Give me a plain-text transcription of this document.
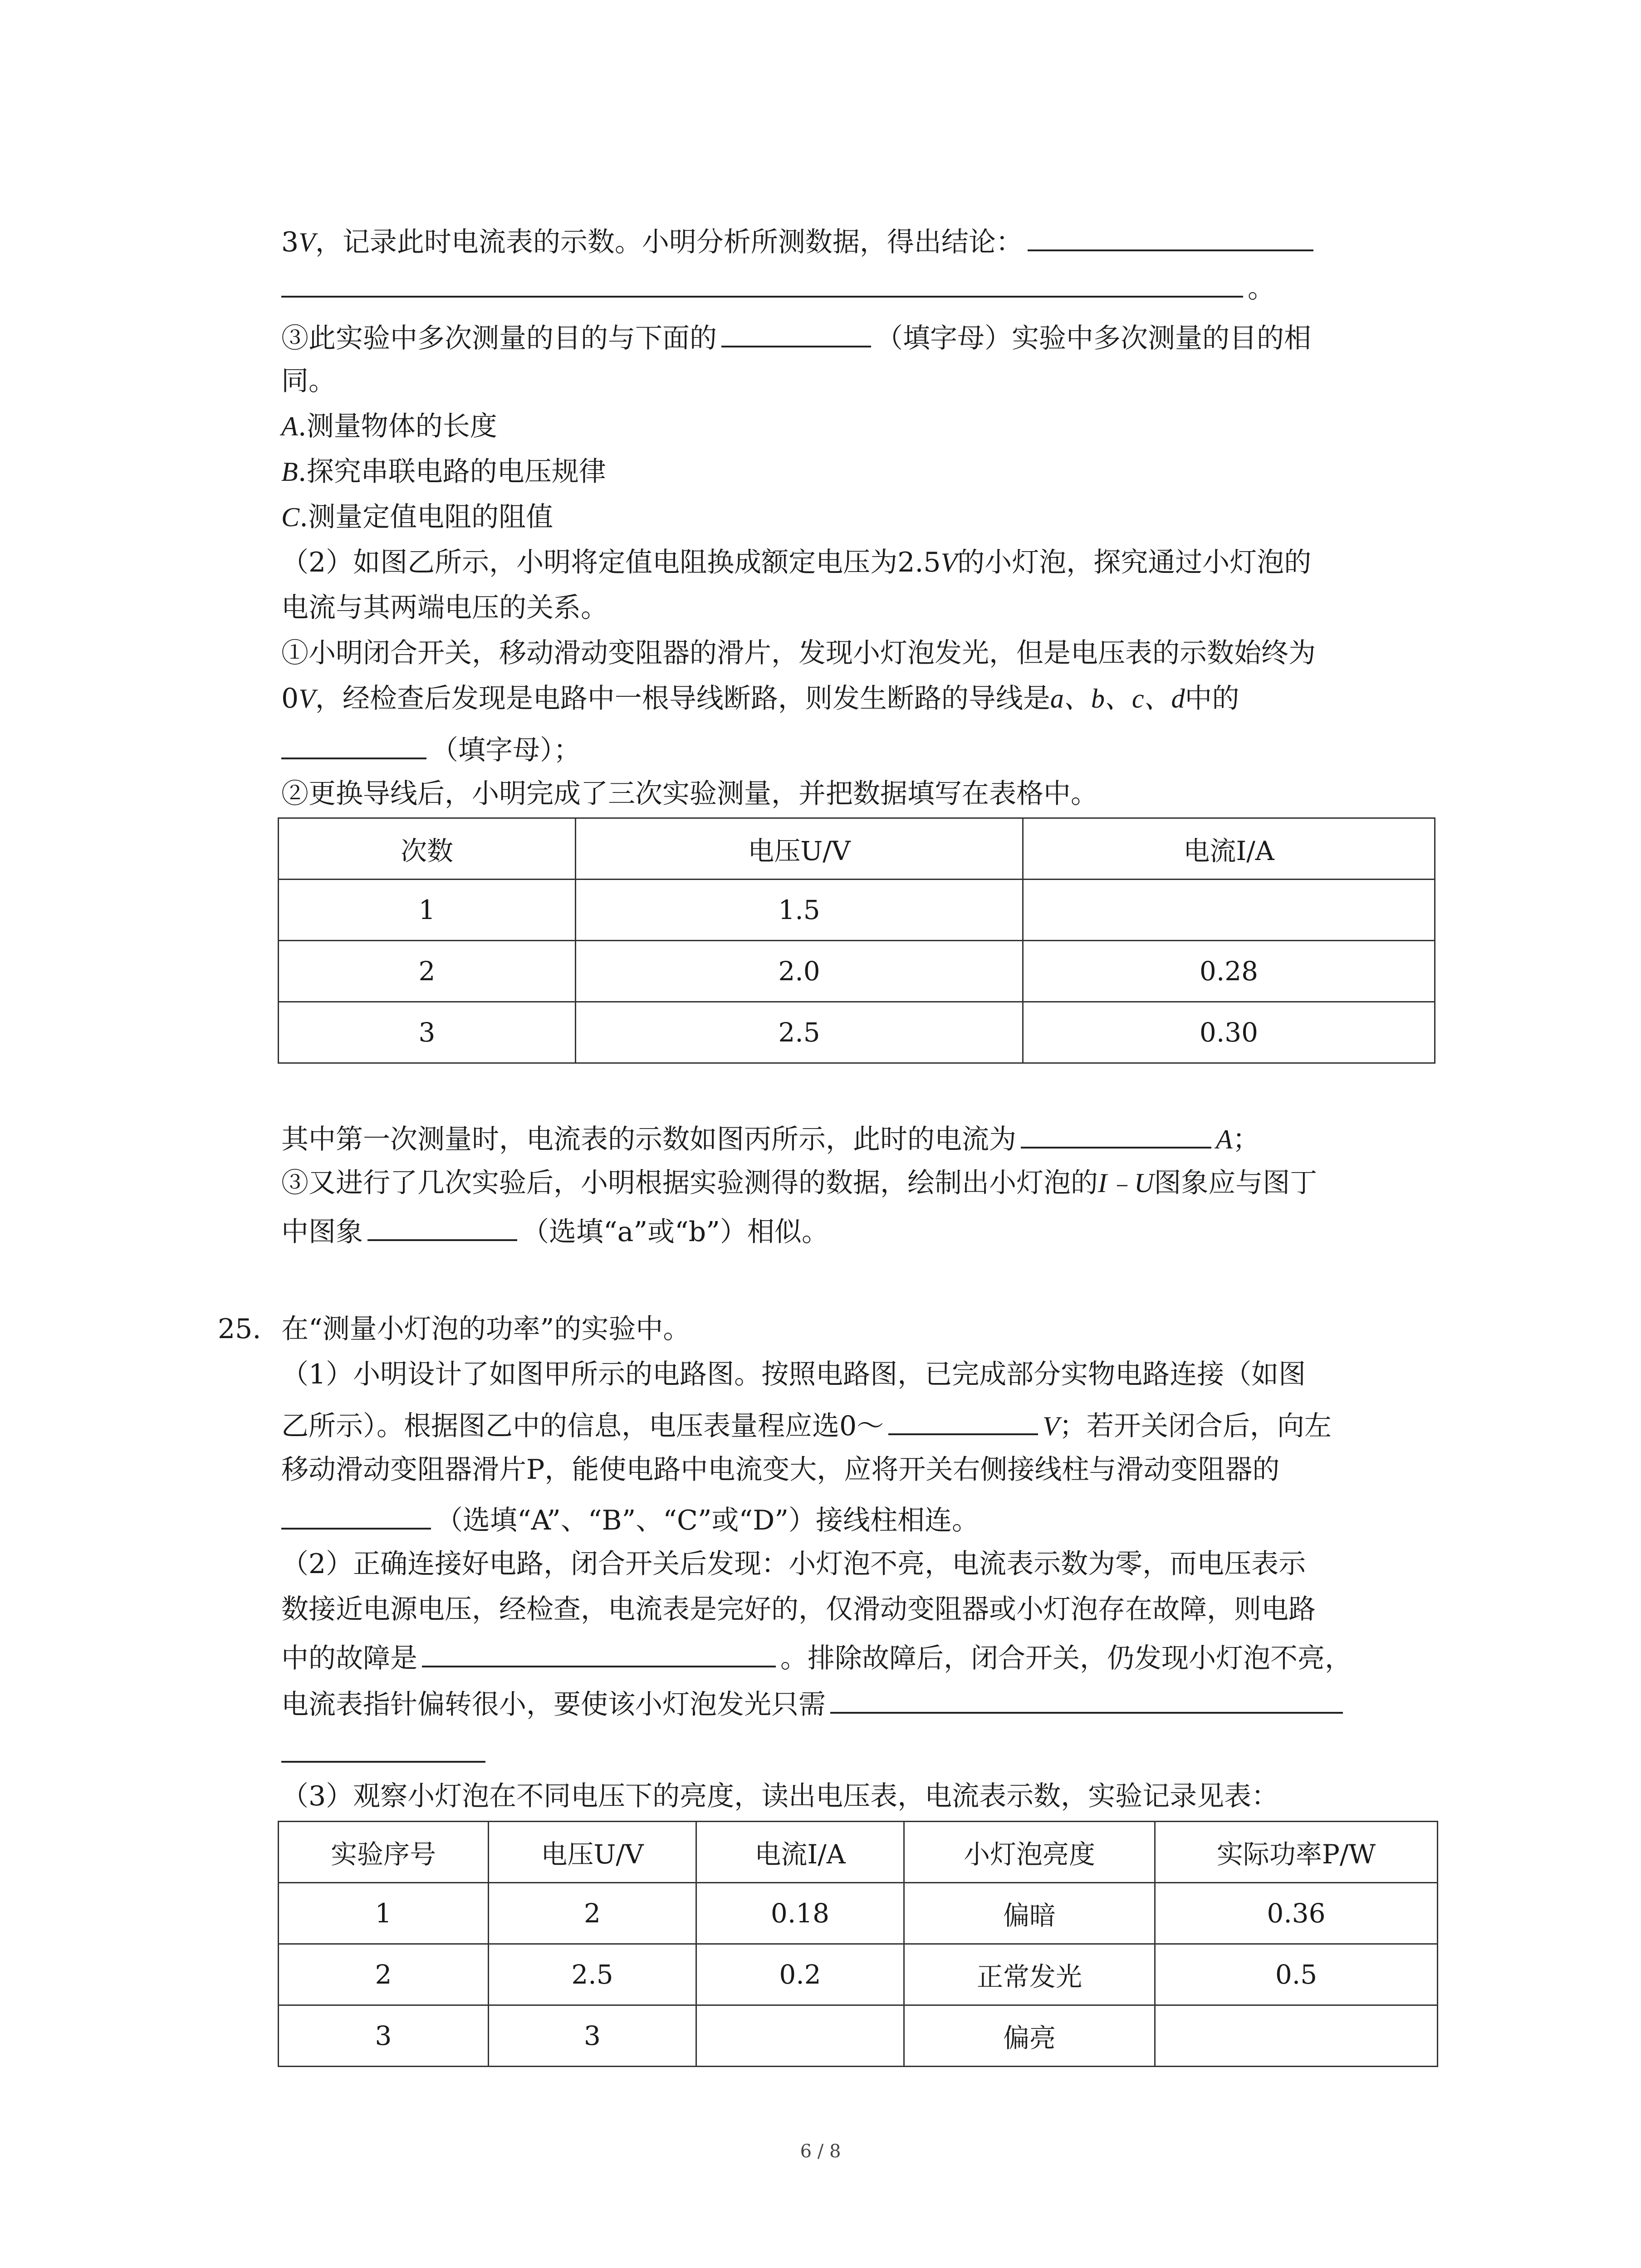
3V，记录此时电流表的示数。小明分析所测数据，得出结论：
。
③此实验中多次测量的目的与下面的	（填字母）实验中多次测量的目的相
同。
A.测量物体的长度
B.探究串联电路的电压规律
C.测量定值电阻的阻值
（2）如图乙所示，小明将定值电阻换成额定电压为2.5V的小灯泡，探究通过小灯泡的
电流与其两端电压的关系。
①小明闭合开关，移动滑动变阻器的滑片，发现小灯泡发光，但是电压表的示数始终为
0V，经检查后发现是电路中一根导线断路，则发生断路的导线是a、b、c、d中的
（填字母）；
②更换导线后，小明完成了三次实验测量，并把数据填写在表格中。
次数	电压U/V	电流I/A
1	1.5	
2	2.0	0.28
3	2.5	0.30
其中第一次测量时，电流表的示数如图丙所示，此时的电流为	A；
③又进行了几次实验后，小明根据实验测得的数据，绘制出小灯泡的I﹣U图象应与图丁
中图象	（选填“a”或“b”）相似。
25. 在“测量小灯泡的功率”的实验中。
（1）小明设计了如图甲所示的电路图。按照电路图，已完成部分实物电路连接（如图
乙所示）。根据图乙中的信息，电压表量程应选0～	V；若开关闭合后，向左
移动滑动变阻器滑片P，能使电路中电流变大，应将开关右侧接线柱与滑动变阻器的
（选填“A”、“B”、“C”或“D”）接线柱相连。
（2）正确连接好电路，闭合开关后发现：小灯泡不亮，电流表示数为零，而电压表示
数接近电源电压，经检查，电流表是完好的，仅滑动变阻器或小灯泡存在故障，则电路
中的故障是	。排除故障后，闭合开关，仍发现小灯泡不亮，
电流表指针偏转很小，要使该小灯泡发光只需
（3）观察小灯泡在不同电压下的亮度，读出电压表，电流表示数，实验记录见表：
实验序号	电压U/V	电流I/A	小灯泡亮度	实际功率P/W
1	2	0.18	偏暗	0.36
2	2.5	0.2	正常发光	0.5
3	3		偏亮	
6 / 8
